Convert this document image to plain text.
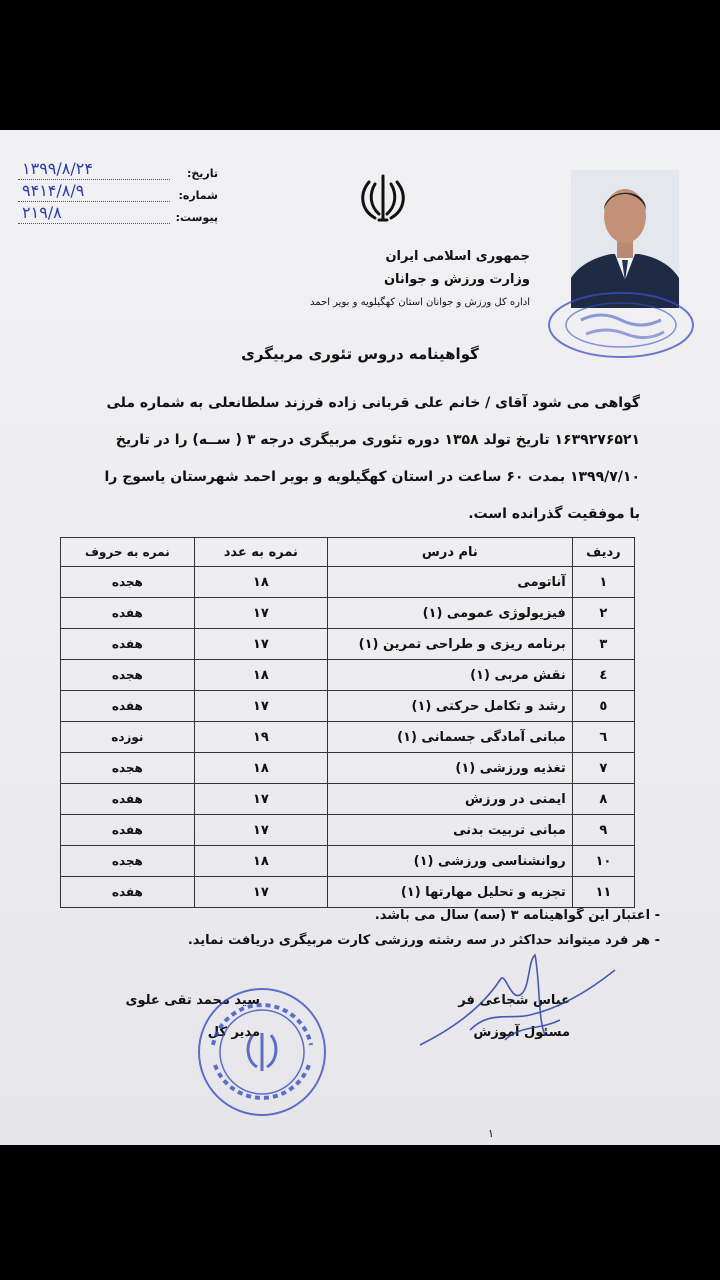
تاریخ:
۱۳۹۹/۸/۲۴
شماره:
۹۴۱۴/۸/۹
پیوست:
۲۱۹/۸
جمهوری اسلامی ایران
وزارت ورزش و جوانان
اداره کل ورزش و جوانان استان کهگیلویه و بویر احمد
گواهینامه دروس تئوری مربیگری
گواهی می شود آقای / خانم علی قربانی زاده فرزند سلطانعلی به شماره ملی
۱۶۳۹۲۷۶۵۲۱ تاریخ تولد ۱۳۵۸ دوره تئوری مربیگری درجه ۳ ( ســه) را در تاریخ
۱۳۹۹/۷/۱۰ بمدت ۶۰ ساعت در استان کهگیلویه و بویر احمد شهرستان یاسوج را
با موفقیت گذرانده است.
ردیف	نام درس	نمره به عدد	نمره به حروف
۱	آناتومی	۱۸	هجده
۲	فیزیولوژی عمومی (۱)	۱۷	هفده
۳	برنامه ریزی و طراحی تمرین (۱)	۱۷	هفده
٤	نقش مربی (۱)	۱۸	هجده
٥	رشد و تکامل حرکتی (۱)	۱۷	هفده
٦	مبانی آمادگی جسمانی (۱)	۱۹	نوزده
۷	تغذیه ورزشی (۱)	۱۸	هجده
۸	ایمنی در ورزش	۱۷	هفده
۹	مبانی تربیت بدنی	۱۷	هفده
۱۰	روانشناسی ورزشی (۱)	۱۸	هجده
۱۱	تجزیه و تحلیل مهارتها (۱)	۱۷	هفده
- اعتبار این گواهینامه ۳ (سه) سال می باشد.
- هر فرد میتواند حداکثر در سه رشته ورزشی کارت مربیگری دریافت نماید.
عباس شجاعی فر
مسئول آموزش
سید محمد تقی علوی
مدیر کل
۱
